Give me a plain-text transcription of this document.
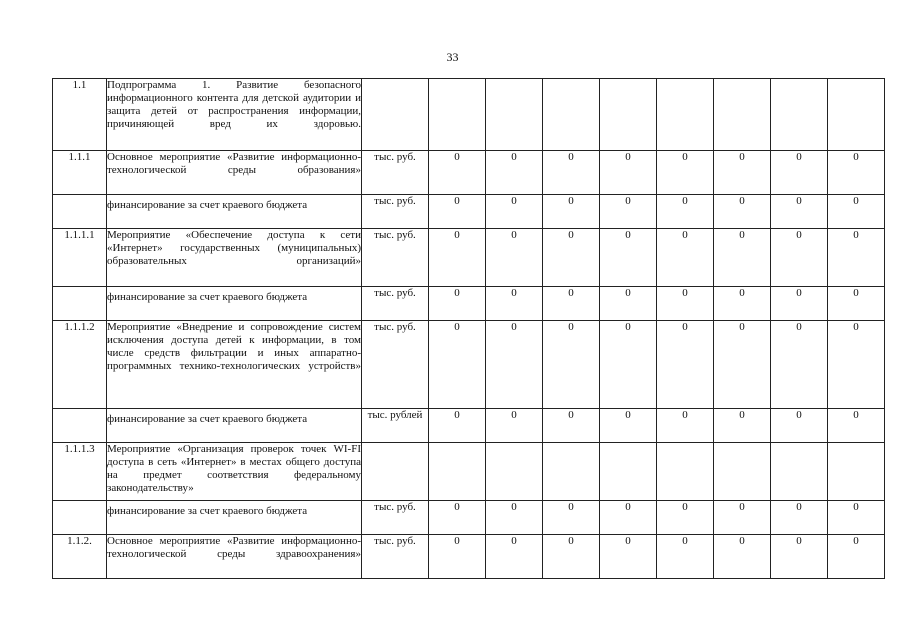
33
1.1	Подпрограмма 1. Развитие безопасного информационного контента для детской аудитории и защита детей от распространения информации, причиняющей вред их здоровью.									
1.1.1	Основное мероприятие «Развитие информационно-технологической среды образования»	тыс. руб.	0	0	0	0	0	0	0	0
	финансирование за счет краевого бюджета	тыс. руб.	0	0	0	0	0	0	0	0
1.1.1.1	Мероприятие «Обеспечение доступа к сети «Интернет» государственных (муниципальных) образовательных организаций»	тыс. руб.	0	0	0	0	0	0	0	0
	финансирование за счет краевого бюджета	тыс. руб.	0	0	0	0	0	0	0	0
1.1.1.2	Мероприятие «Внедрение и сопровождение систем исключения доступа детей к информации, в том числе средств фильтрации и иных аппаратно-программных технико-технологических устройств»	тыс. руб.	0	0	0	0	0	0	0	0
	финансирование за счет краевого бюджета	тыс. рублей	0	0	0	0	0	0	0	0
1.1.1.3	Мероприятие «Организация проверок точек WI-FI доступа в сеть «Интернет» в местах общего доступа на предмет соответствия федеральному законодательству»									
	финансирование за счет краевого бюджета	тыс. руб.	0	0	0	0	0	0	0	0
1.1.2.	Основное мероприятие «Развитие информационно-технологической среды здравоохранения»	тыс. руб.	0	0	0	0	0	0	0	0
